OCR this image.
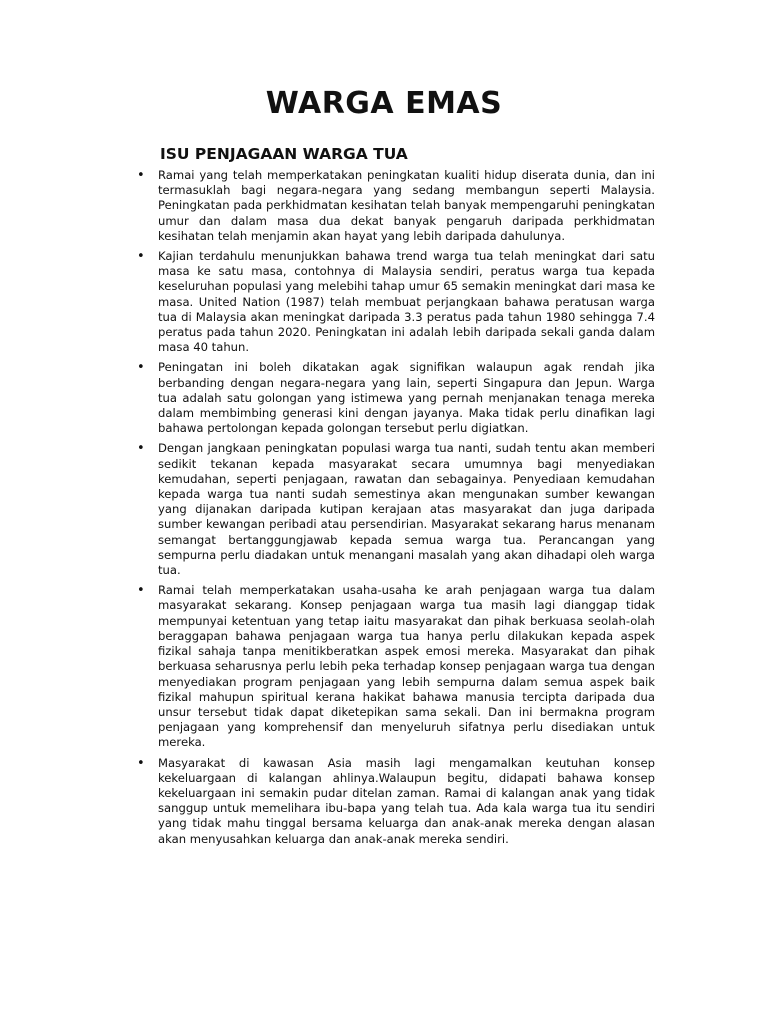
WARGA EMAS
ISU PENJAGAAN WARGA TUA
• Ramai yang telah memperkatakan peningkatan kualiti hidup diserata dunia, dan ini termasuklah bagi negara-negara yang sedang membangun seperti Malaysia. Peningkatan pada perkhidmatan kesihatan telah banyak mempengaruhi peningkatan umur dan dalam masa dua dekat banyak pengaruh daripada perkhidmatan kesihatan telah menjamin akan hayat yang lebih daripada dahulunya.
• Kajian terdahulu menunjukkan bahawa trend warga tua telah meningkat dari satu masa ke satu masa, contohnya di Malaysia sendiri, peratus warga tua kepada keseluruhan populasi yang melebihi tahap umur 65 semakin meningkat dari masa ke masa. United Nation (1987) telah membuat perjangkaan bahawa peratusan warga tua di Malaysia akan meningkat daripada 3.3 peratus pada tahun 1980 sehingga 7.4 peratus pada tahun 2020. Peningkatan ini adalah lebih daripada sekali ganda dalam masa 40 tahun.
• Peningatan ini boleh dikatakan agak signifikan walaupun agak rendah jika berbanding dengan negara-negara yang lain, seperti Singapura dan Jepun. Warga tua adalah satu golongan yang istimewa yang pernah menjanakan tenaga mereka dalam membimbing generasi kini dengan jayanya. Maka tidak perlu dinafikan lagi bahawa pertolongan kepada golongan tersebut perlu digiatkan.
• Dengan jangkaan peningkatan populasi warga tua nanti, sudah tentu akan memberi sedikit tekanan kepada masyarakat secara umumnya bagi menyediakan kemudahan, seperti penjagaan, rawatan dan sebagainya. Penyediaan kemudahan kepada warga tua nanti sudah semestinya akan mengunakan sumber kewangan yang dijanakan daripada kutipan kerajaan atas masyarakat dan juga daripada sumber kewangan peribadi atau persendirian. Masyarakat sekarang harus menanam semangat bertanggungjawab kepada semua warga tua. Perancangan yang sempurna perlu diadakan untuk menangani masalah yang akan dihadapi oleh warga tua.
• Ramai telah memperkatakan usaha-usaha ke arah penjagaan warga tua dalam masyarakat sekarang. Konsep penjagaan warga tua masih lagi dianggap tidak mempunyai ketentuan yang tetap iaitu masyarakat dan pihak berkuasa seolah-olah beraggapan bahawa penjagaan warga tua hanya perlu dilakukan kepada aspek fizikal sahaja tanpa menitikberatkan aspek emosi mereka. Masyarakat dan pihak berkuasa seharusnya perlu lebih peka terhadap konsep penjagaan warga tua dengan menyediakan program penjagaan yang lebih sempurna dalam semua aspek baik fizikal mahupun spiritual kerana hakikat bahawa manusia tercipta daripada dua unsur tersebut tidak dapat diketepikan sama sekali. Dan ini bermakna program penjagaan yang komprehensif dan menyeluruh sifatnya perlu disediakan untuk mereka.
• Masyarakat di kawasan Asia masih lagi mengamalkan keutuhan konsep kekeluargaan di kalangan ahlinya.Walaupun begitu, didapati bahawa konsep kekeluargaan ini semakin pudar ditelan zaman. Ramai di kalangan anak yang tidak sanggup untuk memelihara ibu-bapa yang telah tua. Ada kala warga tua itu sendiri yang tidak mahu tinggal bersama keluarga dan anak-anak mereka dengan alasan akan menyusahkan keluarga dan anak-anak mereka sendiri.
